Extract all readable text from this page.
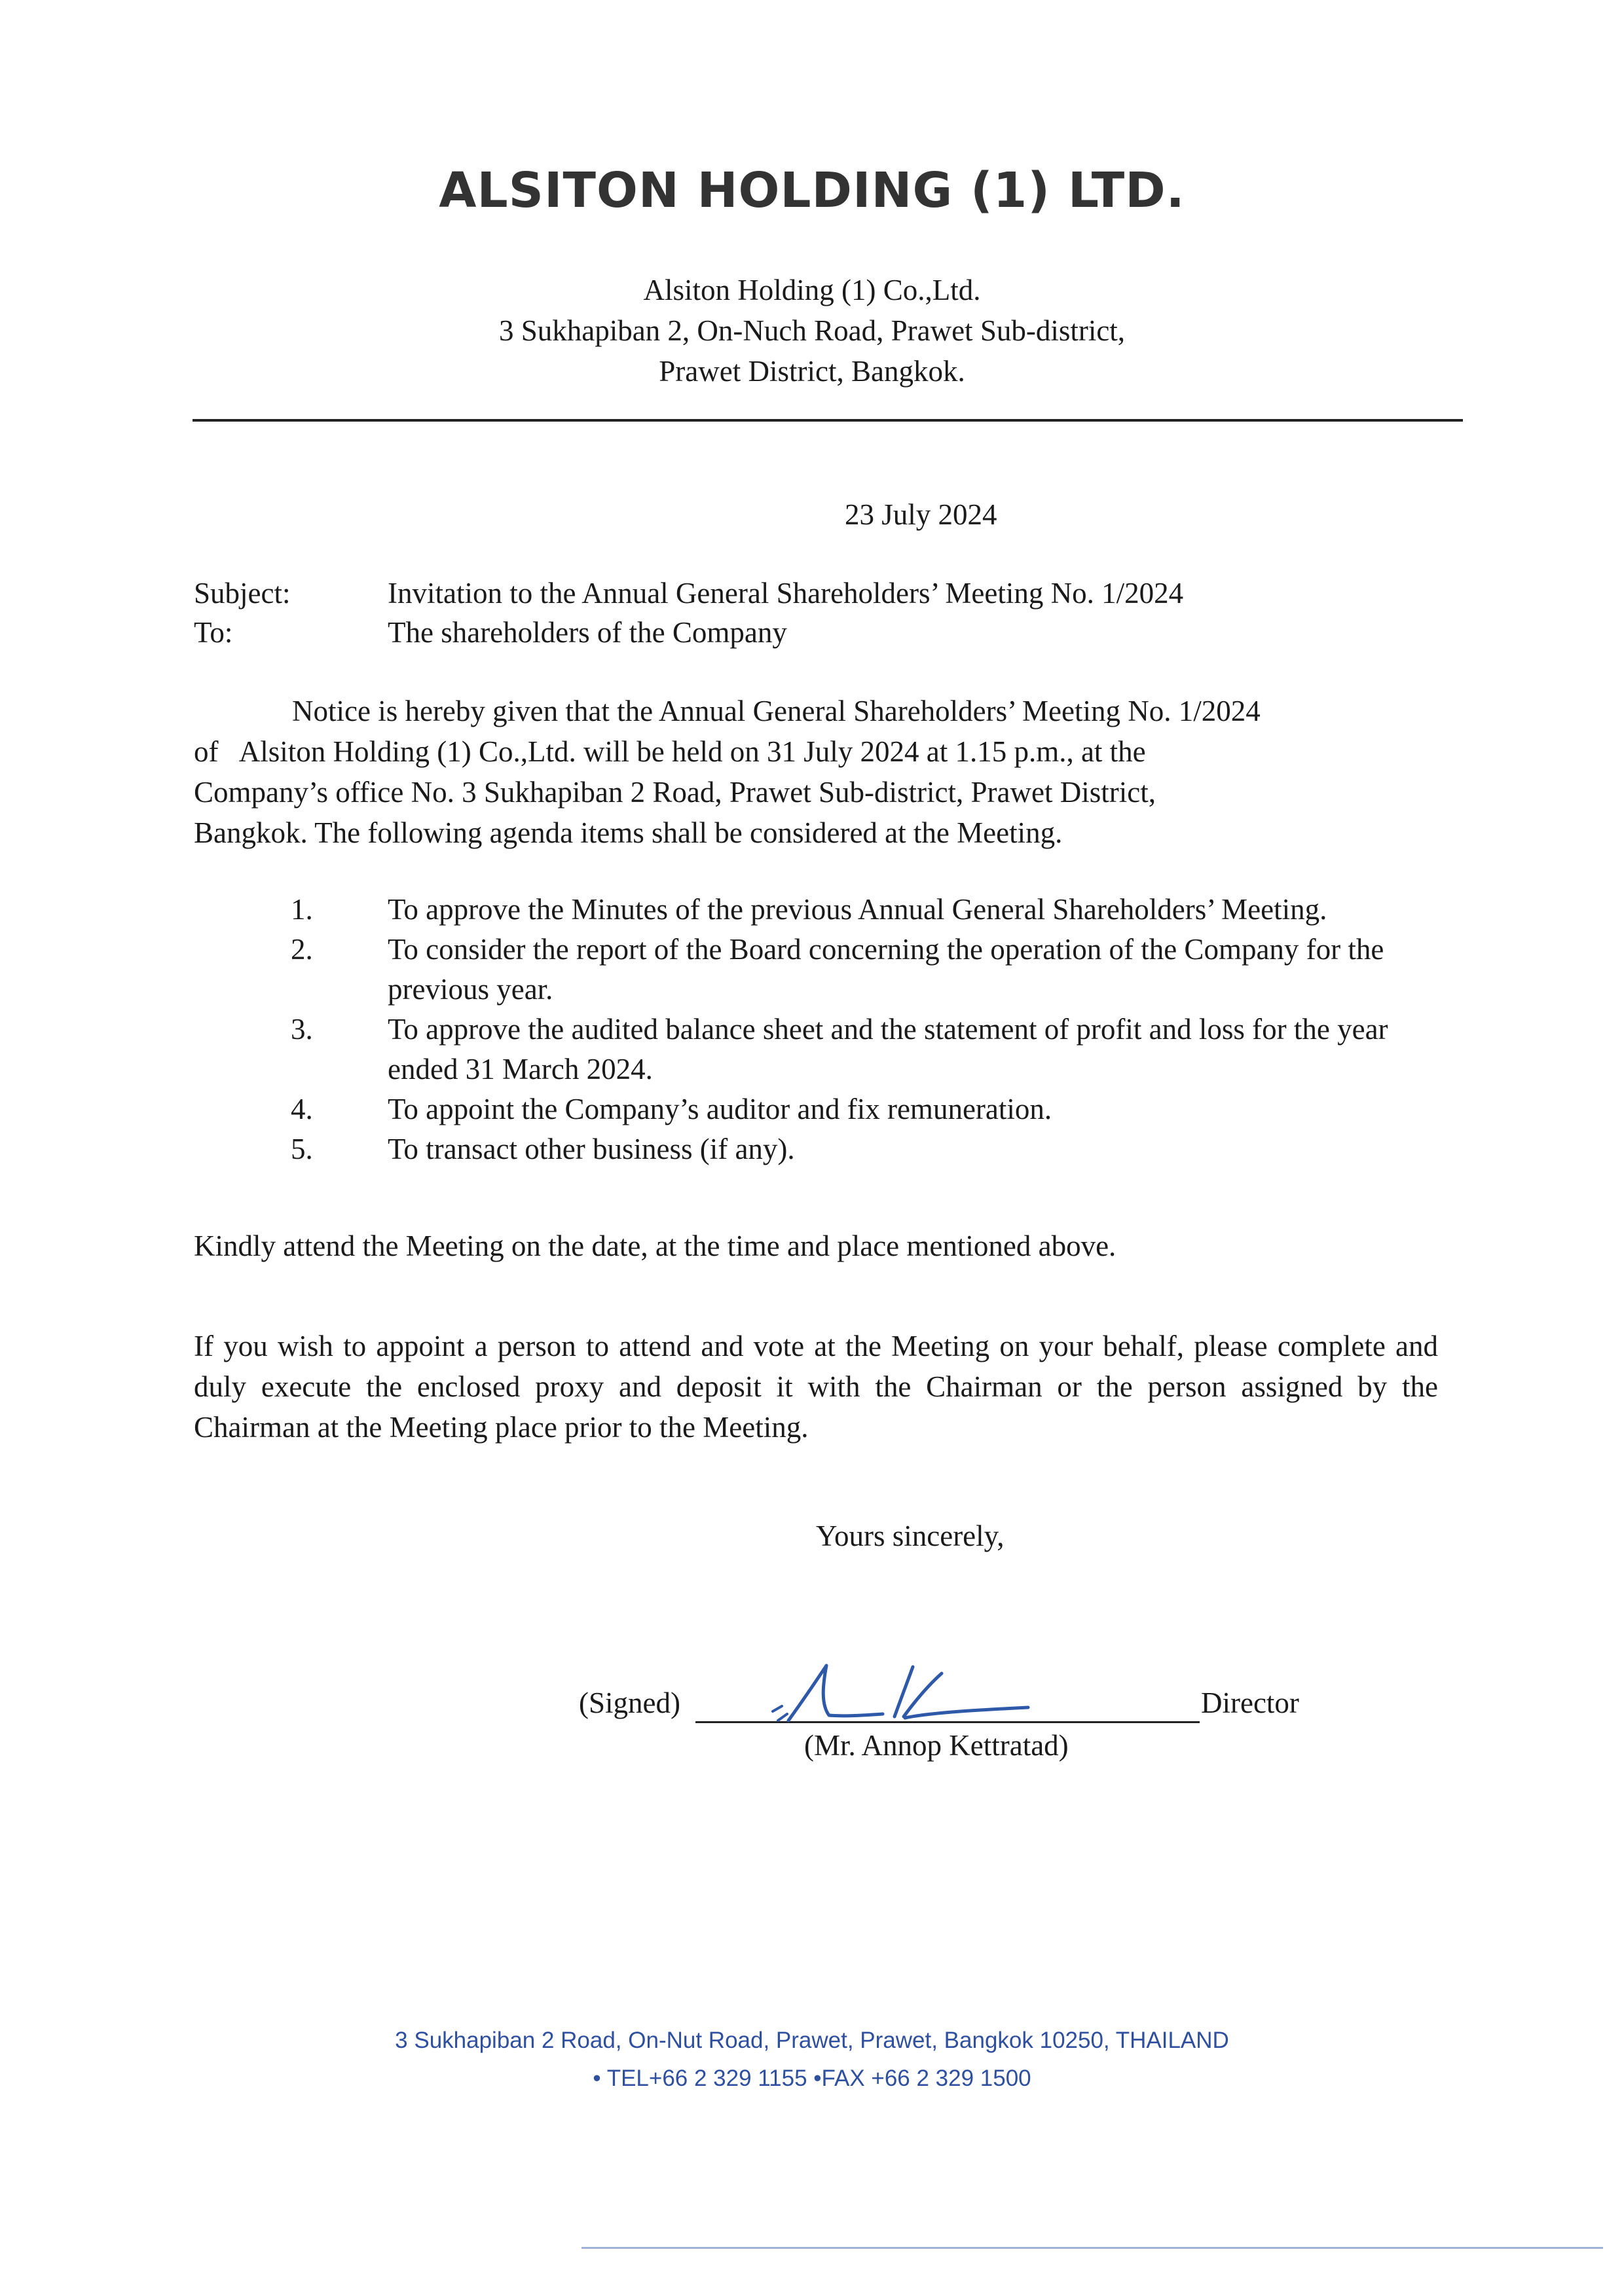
ALSITON HOLDING (1) LTD.
Alsiton Holding (1) Co.,Ltd.
3 Sukhapiban 2, On-Nuch Road, Prawet Sub-district,
Prawet District, Bangkok.
23 July 2024
Subject:	Invitation to the Annual General Shareholders’ Meeting No. 1/2024
To:	The shareholders of the Company

Notice is hereby given that the Annual General Shareholders’ Meeting No. 1/2024

of   Alsiton Holding (1) Co.,Ltd. will be held on 31 July 2024 at 1.15 p.m., at the

Company’s office No. 3 Sukhapiban 2 Road, Prawet Sub-district, Prawet District,

Bangkok. The following agenda items shall be considered at the Meeting.

1.	To approve the Minutes of the previous Annual General Shareholders’ Meeting.
2.	To consider the report of the Board concerning the operation of the Company for the previous year.
3.	To approve the audited balance sheet and the statement of profit and loss for the year ended 31 March 2024.
4.	To appoint the Company’s auditor and fix remuneration.
5.	To transact other business (if any).

Kindly attend the Meeting on the date, at the time and place mentioned above.

If you wish to appoint a person to attend and vote at the Meeting on your behalf, please complete and duly execute the enclosed proxy and deposit it with the Chairman or the person assigned by the Chairman at the Meeting place prior to the Meeting.

Yours sincerely,
(Signed)	Director
(Mr. Annop Kettratad)
3 Sukhapiban 2 Road, On-Nut Road, Prawet, Prawet, Bangkok 10250, THAILAND
• TEL+66 2 329 1155 •FAX +66 2 329 1500
